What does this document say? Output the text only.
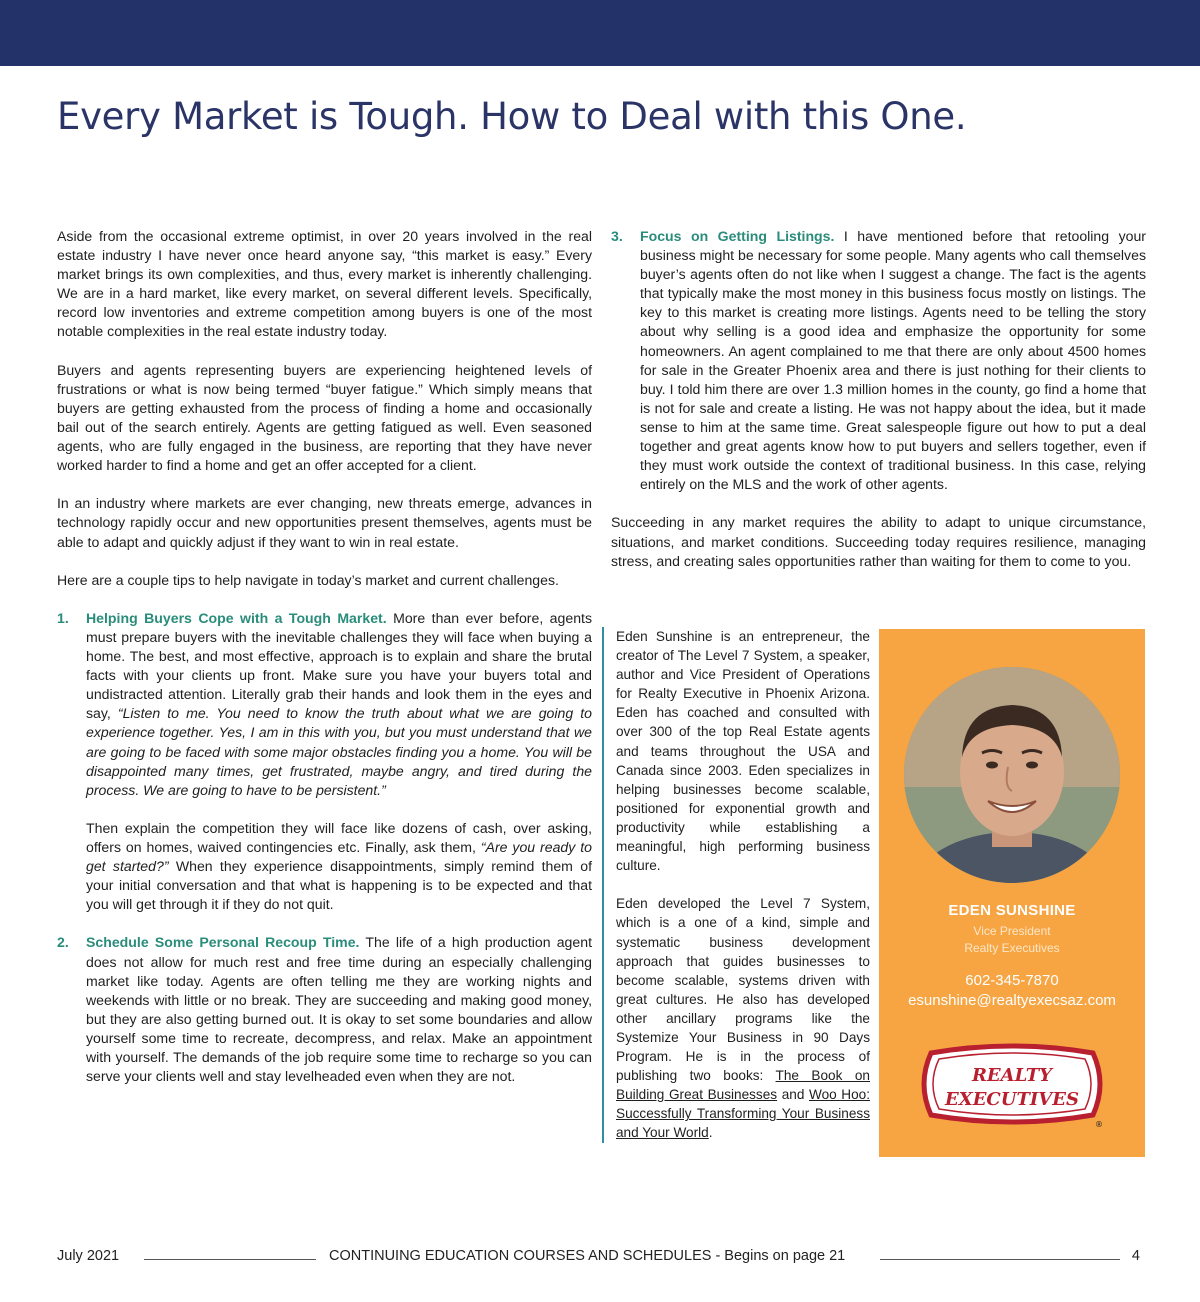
Every Market is Tough. How to Deal with this One.

Aside from the occasional extreme optimist, in over 20 years involved in the real estate industry I have never once heard anyone say, “this market is easy.” Every market brings its own complexities, and thus, every market is inherently challenging. We are in a hard market, like every market, on several different levels. Specifically, record low inventories and extreme competition among buyers is one of the most notable complexities in the real estate industry today.

Buyers and agents representing buyers are experiencing heightened levels of frustrations or what is now being termed “buyer fatigue.” Which simply means that buyers are getting exhausted from the process of finding a home and occasionally bail out of the search entirely. Agents are getting fatigued as well. Even seasoned agents, who are fully engaged in the business, are reporting that they have never worked harder to find a home and get an offer accepted for a client.

In an industry where markets are ever changing, new threats emerge, advances in technology rapidly occur and new opportunities present themselves, agents must be able to adapt and quickly adjust if they want to win in real estate.

Here are a couple tips to help navigate in today’s market and current challenges.

1. Helping Buyers Cope with a Tough Market. More than ever before, agents must prepare buyers with the inevitable challenges they will face when buying a home. The best, and most effective, approach is to explain and share the brutal facts with your clients up front. Make sure you have your buyers total and undistracted attention. Literally grab their hands and look them in the eyes and say, “Listen to me. You need to know the truth about what we are going to experience together. Yes, I am in this with you, but you must understand that we are going to be faced with some major obstacles finding you a home. You will be disappointed many times, get frustrated, maybe angry, and tired during the process. We are going to have to be persistent.”

Then explain the competition they will face like dozens of cash, over asking, offers on homes, waived contingencies etc. Finally, ask them, “Are you ready to get started?” When they experience disappointments, simply remind them of your initial conversation and that what is happening is to be expected and that you will get through it if they do not quit.

2. Schedule Some Personal Recoup Time. The life of a high production agent does not allow for much rest and free time during an especially challenging market like today. Agents are often telling me they are working nights and weekends with little or no break. They are succeeding and making good money, but they are also getting burned out. It is okay to set some boundaries and allow yourself some time to recreate, decompress, and relax. Make an appointment with yourself. The demands of the job require some time to recharge so you can serve your clients well and stay levelheaded even when they are not.

3. Focus on Getting Listings. I have mentioned before that retooling your business might be necessary for some people. Many agents who call themselves buyer’s agents often do not like when I suggest a change. The fact is the agents that typically make the most money in this business focus mostly on listings. The key to this market is creating more listings. Agents need to be telling the story about why selling is a good idea and emphasize the opportunity for some homeowners. An agent complained to me that there are only about 4500 homes for sale in the Greater Phoenix area and there is just nothing for their clients to buy. I told him there are over 1.3 million homes in the county, go find a home that is not for sale and create a listing. He was not happy about the idea, but it made sense to him at the same time. Great salespeople figure out how to put a deal together and great agents know how to put buyers and sellers together, even if they must work outside the context of traditional business. In this case, relying entirely on the MLS and the work of other agents.

Succeeding in any market requires the ability to adapt to unique circumstance, situations, and market conditions. Succeeding today requires resilience, managing stress, and creating sales opportunities rather than waiting for them to come to you.

Eden Sunshine is an entrepreneur, the creator of The Level 7 System, a speaker, author and Vice President of Operations for Realty Executive in Phoenix Arizona. Eden has coached and consulted with over 300 of the top Real Estate agents and teams throughout the USA and Canada since 2003. Eden specializes in helping businesses become scalable, positioned for exponential growth and productivity while establishing a meaningful, high performing business culture.

Eden developed the Level 7 System, which is a one of a kind, simple and systematic business development approach that guides businesses to become scalable, systems driven with great cultures. He also has developed other ancillary programs like the Systemize Your Business in 90 Days Program. He is in the process of publishing two books: The Book on Building Great Businesses and Woo Hoo: Successfully Transforming Your Business and Your World.

EDEN SUNSHINE
Vice President
Realty Executives
602-345-7870
esunshine@realtyexecsaz.com
REALTY
EXECUTIVES
®
July 2021	CONTINUING EDUCATION COURSES AND SCHEDULES - Begins on page 21	4
